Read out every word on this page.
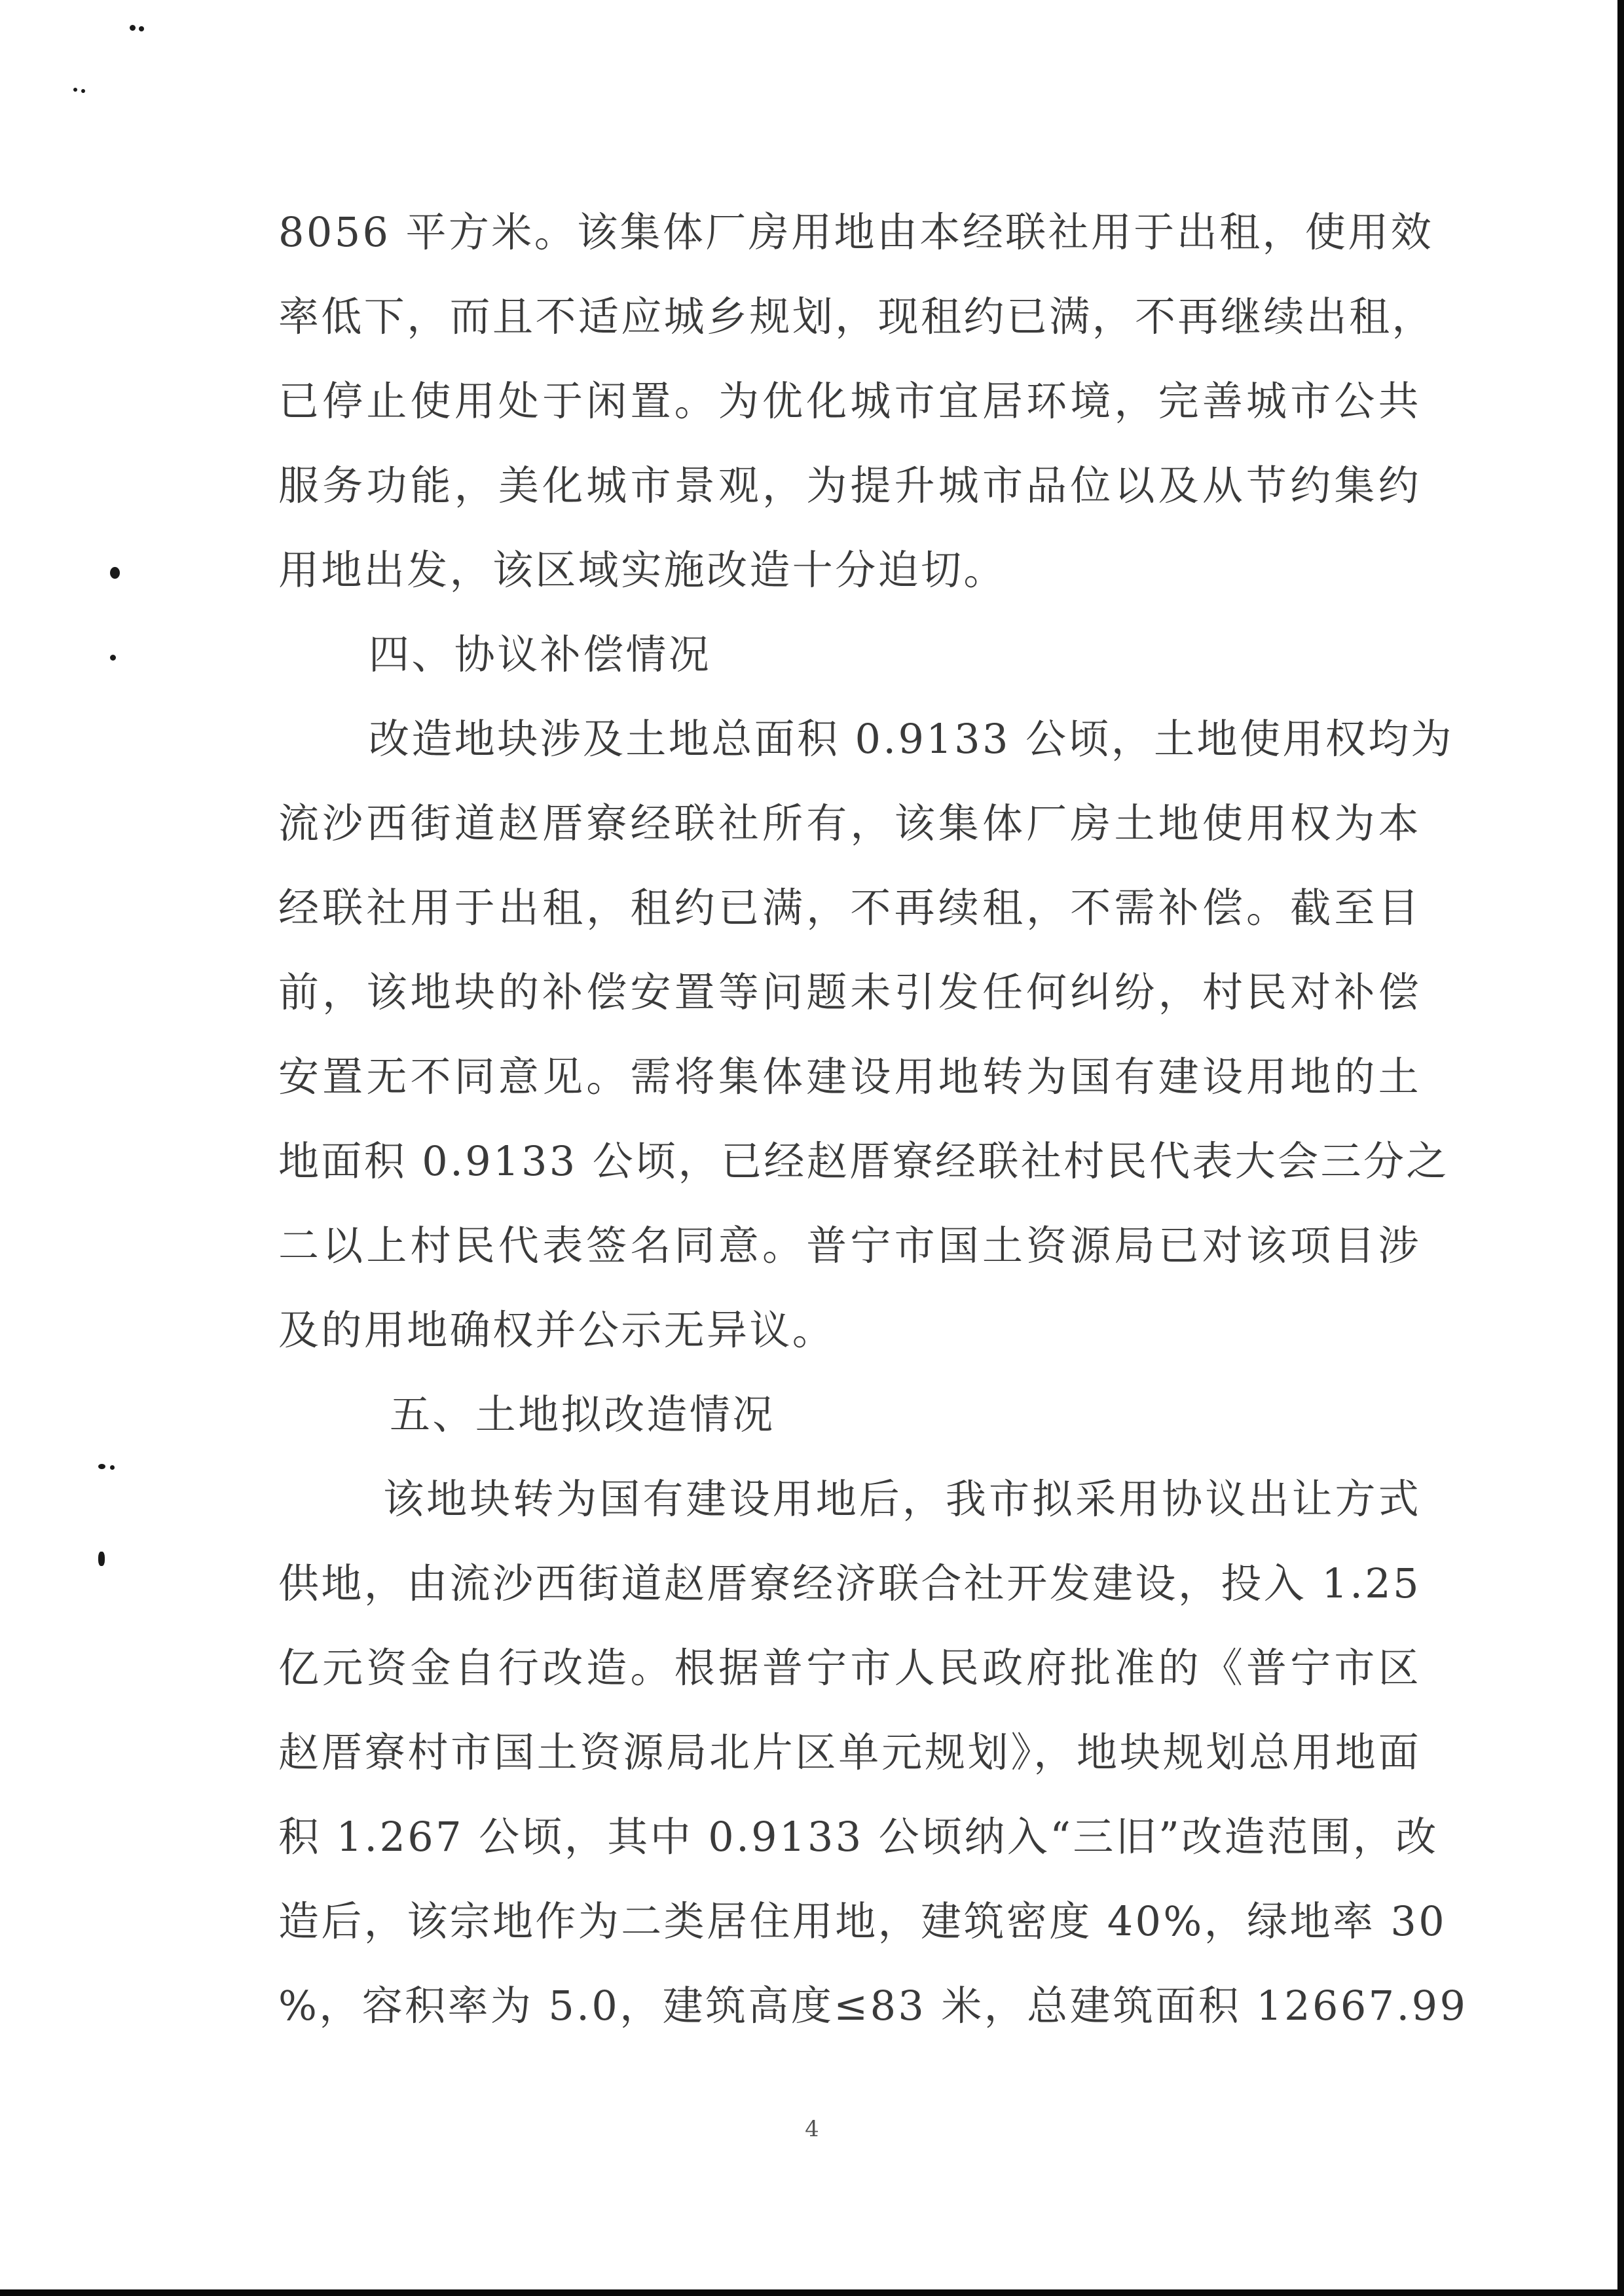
8056 平方米。该集体厂房用地由本经联社用于出租，使用效
率低下，而且不适应城乡规划，现租约已满，不再继续出租，
已停止使用处于闲置。为优化城市宜居环境，完善城市公共
服务功能，美化城市景观，为提升城市品位以及从节约集约
用地出发，该区域实施改造十分迫切。
四、协议补偿情况
改造地块涉及土地总面积 0.9133 公顷，土地使用权均为
流沙西街道赵厝寮经联社所有，该集体厂房土地使用权为本
经联社用于出租，租约已满，不再续租，不需补偿。截至目
前，该地块的补偿安置等问题未引发任何纠纷，村民对补偿
安置无不同意见。需将集体建设用地转为国有建设用地的土
地面积 0.9133 公顷，已经赵厝寮经联社村民代表大会三分之
二以上村民代表签名同意。普宁市国土资源局已对该项目涉
及的用地确权并公示无异议。
五、土地拟改造情况
该地块转为国有建设用地后，我市拟采用协议出让方式
供地，由流沙西街道赵厝寮经济联合社开发建设，投入 1.25
亿元资金自行改造。根据普宁市人民政府批准的《普宁市区
赵厝寮村市国土资源局北片区单元规划》，地块规划总用地面
积 1.267 公顷，其中 0.9133 公顷纳入“三旧”改造范围，改
造后，该宗地作为二类居住用地，建筑密度 40%，绿地率 30
%，容积率为 5.0，建筑高度≤83 米，总建筑面积 12667.99
4
